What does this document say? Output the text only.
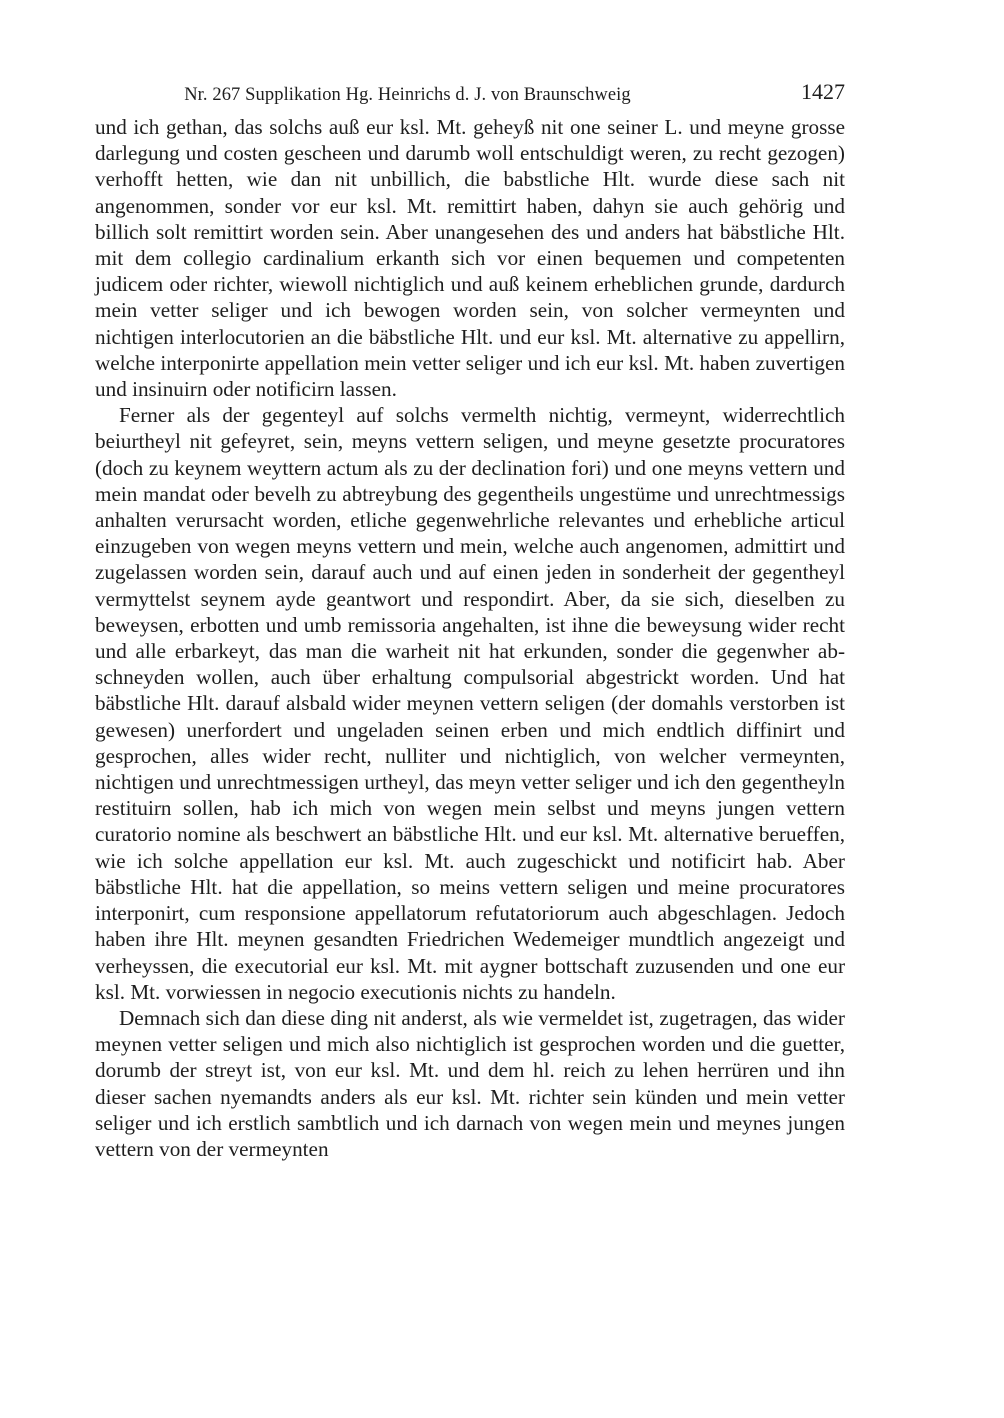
Nr. 267 Supplikation Hg. Heinrichs d. J. von Braunschweig	1427

und ich gethan, das solchs auß eur ksl. Mt. geheyß nit one seiner L. und meyne grosse darlegung und costen gescheen und darumb woll entschuldigt weren, zu recht gezogen) verhofft hetten, wie dan nit unbillich, die babstliche Hlt. wurde diese sach nit angenommen, sonder vor eur ksl. Mt. remittirt haben, dahyn sie auch gehörig und billich solt remittirt worden sein. Aber unangesehen des und anders hat bäbstliche Hlt. mit dem collegio cardinalium erkanth sich vor einen bequemen und competenten judicem oder richter, wiewoll nichtiglich und auß keinem erheblichen grunde, dardurch mein vetter seliger und ich bewogen worden sein, von solcher vermeynten und nichtigen interlocutorien an die bäbstliche Hlt. und eur ksl. Mt. alternative zu appellirn, welche interponirte appellation mein vetter seliger und ich eur ksl. Mt. haben zuvertigen und insinuirn oder notificirn lassen.

Ferner als der gegenteyl auf solchs vermelth nichtig, vermeynt, widerrechtlich beiurtheyl nit gefeyret, sein, meyns vettern seligen, und meyne gesetzte procuratores (doch zu keynem weyttern actum als zu der declination fori) und one meyns vettern und mein mandat oder bevelh zu abtreybung des gegentheils ungestüme und unrechtmessigs anhalten verursacht worden, etliche gegenwehrliche relevantes und erhebliche articul einzugeben von wegen meyns vettern und mein, welche auch angenomen, admittirt und zugelassen worden sein, darauf auch und auf einen jeden in sonderheit der gegentheyl vermyttelst seynem ayde geantwort und respondirt. Aber, da sie sich, dieselben zu beweysen, erbotten und umb remissoria angehalten, ist ihne die beweysung wider recht und alle erbarkeyt, das man die warheit nit hat erkunden, sonder die gegenwher abschneyden wollen, auch über erhaltung compulsorial abgestrickt worden. Und hat bäbstliche Hlt. darauf alsbald wider meynen vettern seligen (der domahls verstorben ist gewesen) unerfordert und ungeladen seinen erben und mich endtlich diffinirt und gesprochen, alles wider recht, nulliter und nichtiglich, von welcher vermeynten, nichtigen und unrechtmessigen urtheyl, das meyn vetter seliger und ich den gegentheyln restituirn sollen, hab ich mich von wegen mein selbst und meyns jungen vettern curatorio nomine als beschwert an bäbstliche Hlt. und eur ksl. Mt. alternative berueffen, wie ich solche appellation eur ksl. Mt. auch zugeschickt und notificirt hab. Aber bäbstliche Hlt. hat die appellation, so meins vettern seligen und meine procuratores interponirt, cum responsione appellatorum refutatoriorum auch abgeschlagen. Jedoch haben ihre Hlt. meynen gesandten Friedrichen Wedemeiger mundtlich angezeigt und verheyssen, die executorial eur ksl. Mt. mit aygner bottschaft zuzusenden und one eur ksl. Mt. vorwiessen in negocio executionis nichts zu handeln.

Demnach sich dan diese ding nit anderst, als wie vermeldet ist, zugetragen, das wider meynen vetter seligen und mich also nichtiglich ist gesprochen worden und die guetter, dorumb der streyt ist, von eur ksl. Mt. und dem hl. reich zu lehen herrüren und ihn dieser sachen nyemandts anders als eur ksl. Mt. richter sein künden und mein vetter seliger und ich erstlich sambtlich und ich darnach von wegen mein und meynes jungen vettern von der vermeynten
